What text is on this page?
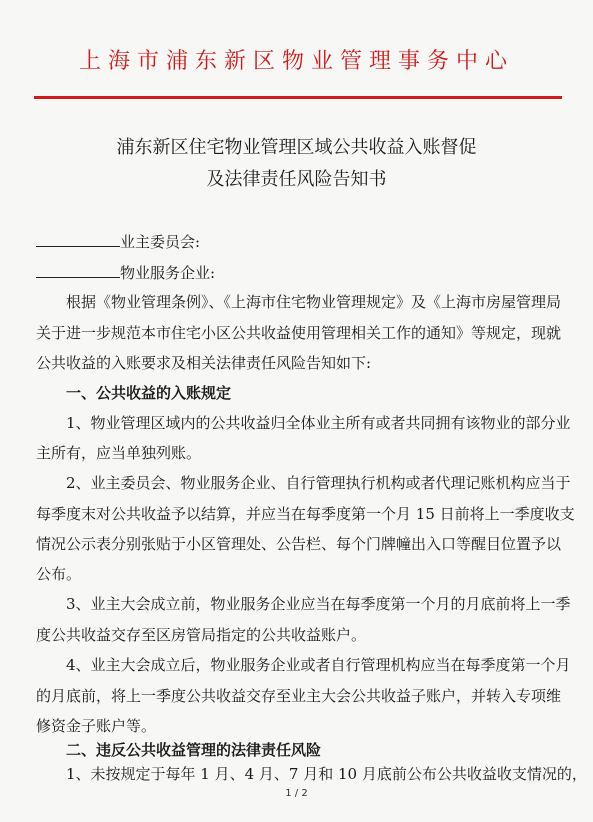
上海市浦东新区物业管理事务中心
浦东新区住宅物业管理区域公共收益入账督促
及法律责任风险告知书
业主委员会:
物业服务企业:
根据《物业管理条例》、《上海市住宅物业管理规定》及《上海市房屋管理局
关于进一步规范本市住宅小区公共收益使用管理相关工作的通知》等规定，现就
公共收益的入账要求及相关法律责任风险告知如下:
一、公共收益的入账规定
1、物业管理区域内的公共收益归全体业主所有或者共同拥有该物业的部分业
主所有，应当单独列账。
2、业主委员会、物业服务企业、自行管理执行机构或者代理记账机构应当于
每季度末对公共收益予以结算，并应当在每季度第一个月 15 日前将上一季度收支
情况公示表分别张贴于小区管理处、公告栏、每个门牌幢出入口等醒目位置予以
公布。
3、业主大会成立前，物业服务企业应当在每季度第一个月的月底前将上一季
度公共收益交存至区房管局指定的公共收益账户。
4、业主大会成立后，物业服务企业或者自行管理机构应当在每季度第一个月
的月底前，将上一季度公共收益交存至业主大会公共收益子账户，并转入专项维
修资金子账户等。
二、违反公共收益管理的法律责任风险
1、未按规定于每年 1 月、4 月、7 月和 10 月底前公布公共收益收支情况的，
1 / 2
